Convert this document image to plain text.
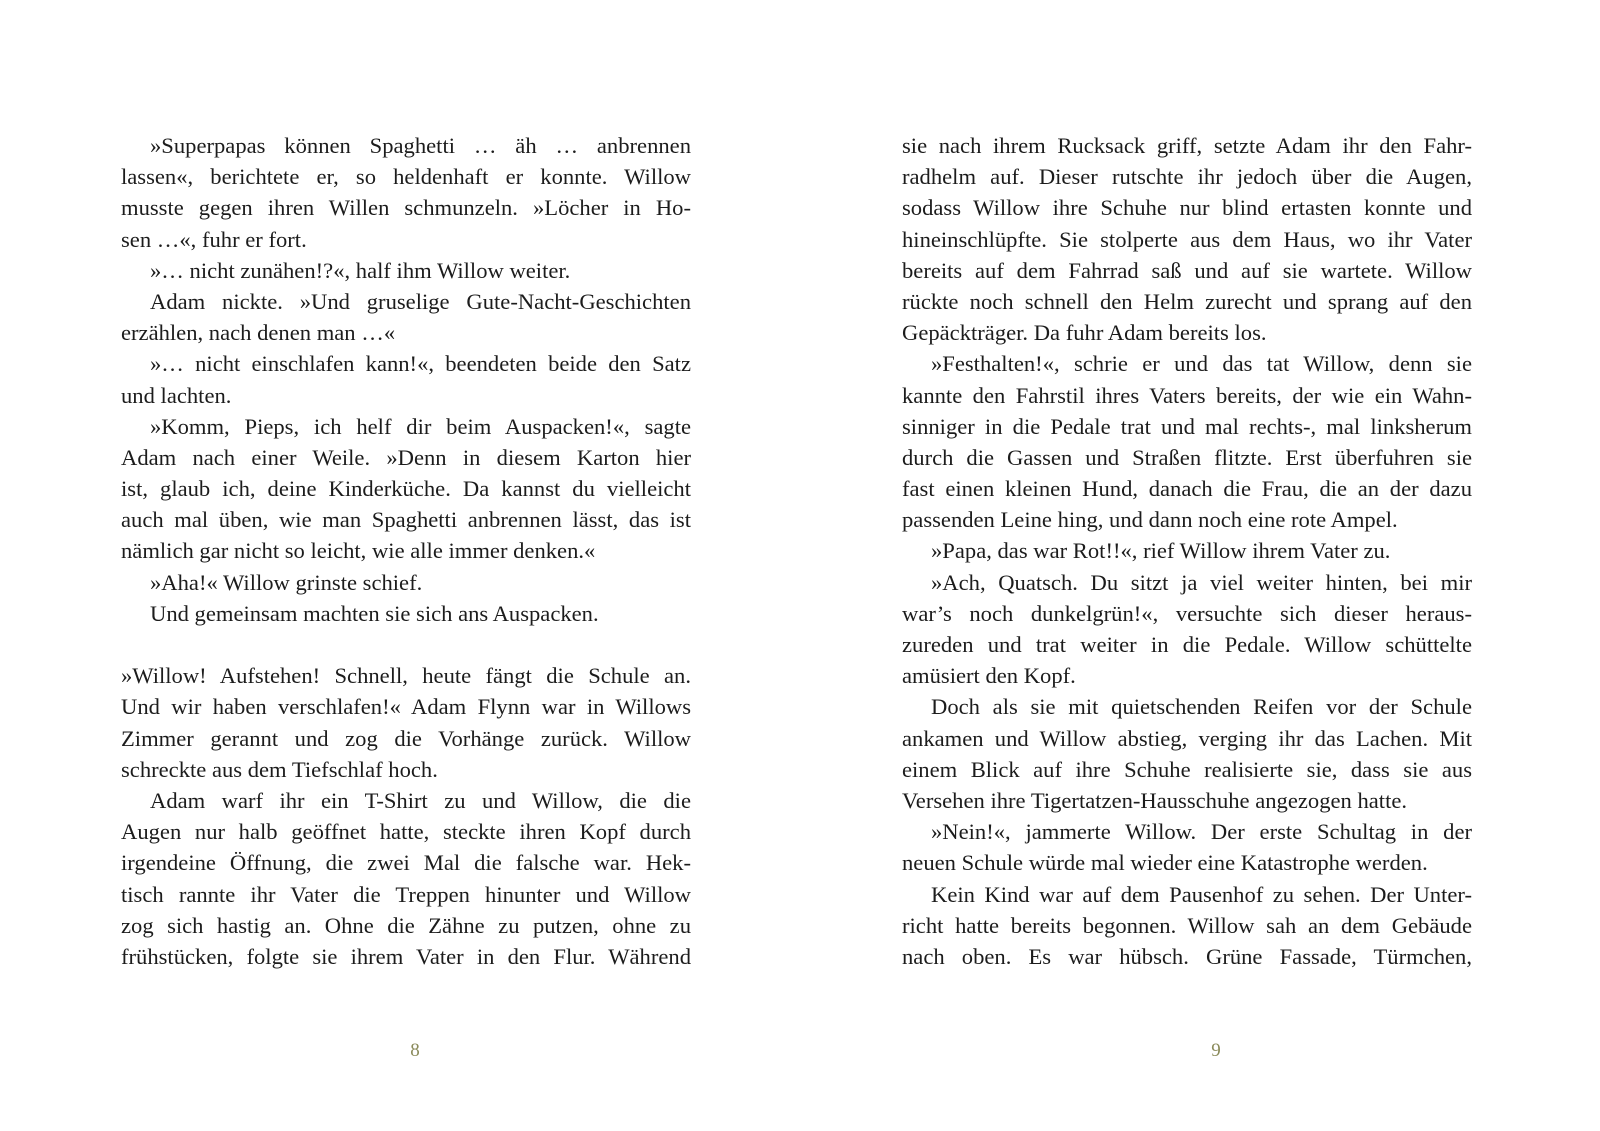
»Superpapas können Spaghetti … äh … anbrennen
lassen«, berichtete er, so heldenhaft er konnte. Willow
musste gegen ihren Willen schmunzeln. »Löcher in Ho-
sen …«, fuhr er fort.
»… nicht zunähen!?«, half ihm Willow weiter.
Adam nickte. »Und gruselige Gute-Nacht-Geschichten
erzählen, nach denen man …«
»… nicht einschlafen kann!«, beendeten beide den Satz
und lachten.
»Komm, Pieps, ich helf dir beim Auspacken!«, sagte
Adam nach einer Weile. »Denn in diesem Karton hier
ist, glaub ich, deine Kinderküche. Da kannst du vielleicht
auch mal üben, wie man Spaghetti anbrennen lässt, das ist
nämlich gar nicht so leicht, wie alle immer denken.«
»Aha!« Willow grinste schief.
Und gemeinsam machten sie sich ans Auspacken.
»Willow! Aufstehen! Schnell, heute fängt die Schule an.
Und wir haben verschlafen!« Adam Flynn war in Willows
Zimmer gerannt und zog die Vorhänge zurück. Willow
schreckte aus dem Tiefschlaf hoch.
Adam warf ihr ein T-Shirt zu und Willow, die die
Augen nur halb geöffnet hatte, steckte ihren Kopf durch
irgendeine Öffnung, die zwei Mal die falsche war. Hek-
tisch rannte ihr Vater die Treppen hinunter und Willow
zog sich hastig an. Ohne die Zähne zu putzen, ohne zu
frühstücken, folgte sie ihrem Vater in den Flur. Während
sie nach ihrem Rucksack griff, setzte Adam ihr den Fahr-
radhelm auf. Dieser rutschte ihr jedoch über die Augen,
sodass Willow ihre Schuhe nur blind ertasten konnte und
hineinschlüpfte. Sie stolperte aus dem Haus, wo ihr Vater
bereits auf dem Fahrrad saß und auf sie wartete. Willow
rückte noch schnell den Helm zurecht und sprang auf den
Gepäckträger. Da fuhr Adam bereits los.
»Festhalten!«, schrie er und das tat Willow, denn sie
kannte den Fahrstil ihres Vaters bereits, der wie ein Wahn-
sinniger in die Pedale trat und mal rechts-, mal linksherum
durch die Gassen und Straßen flitzte. Erst überfuhren sie
fast einen kleinen Hund, danach die Frau, die an der dazu
passenden Leine hing, und dann noch eine rote Ampel.
»Papa, das war Rot!!«, rief Willow ihrem Vater zu.
»Ach, Quatsch. Du sitzt ja viel weiter hinten, bei mir
war’s noch dunkelgrün!«, versuchte sich dieser heraus-
zureden und trat weiter in die Pedale. Willow schüttelte
amüsiert den Kopf.
Doch als sie mit quietschenden Reifen vor der Schule
ankamen und Willow abstieg, verging ihr das Lachen. Mit
einem Blick auf ihre Schuhe realisierte sie, dass sie aus
Versehen ihre Tigertatzen-Hausschuhe angezogen hatte.
»Nein!«, jammerte Willow. Der erste Schultag in der
neuen Schule würde mal wieder eine Katastrophe werden.
Kein Kind war auf dem Pausenhof zu sehen. Der Unter-
richt hatte bereits begonnen. Willow sah an dem Gebäude
nach oben. Es war hübsch. Grüne Fassade, Türmchen,
8	9
